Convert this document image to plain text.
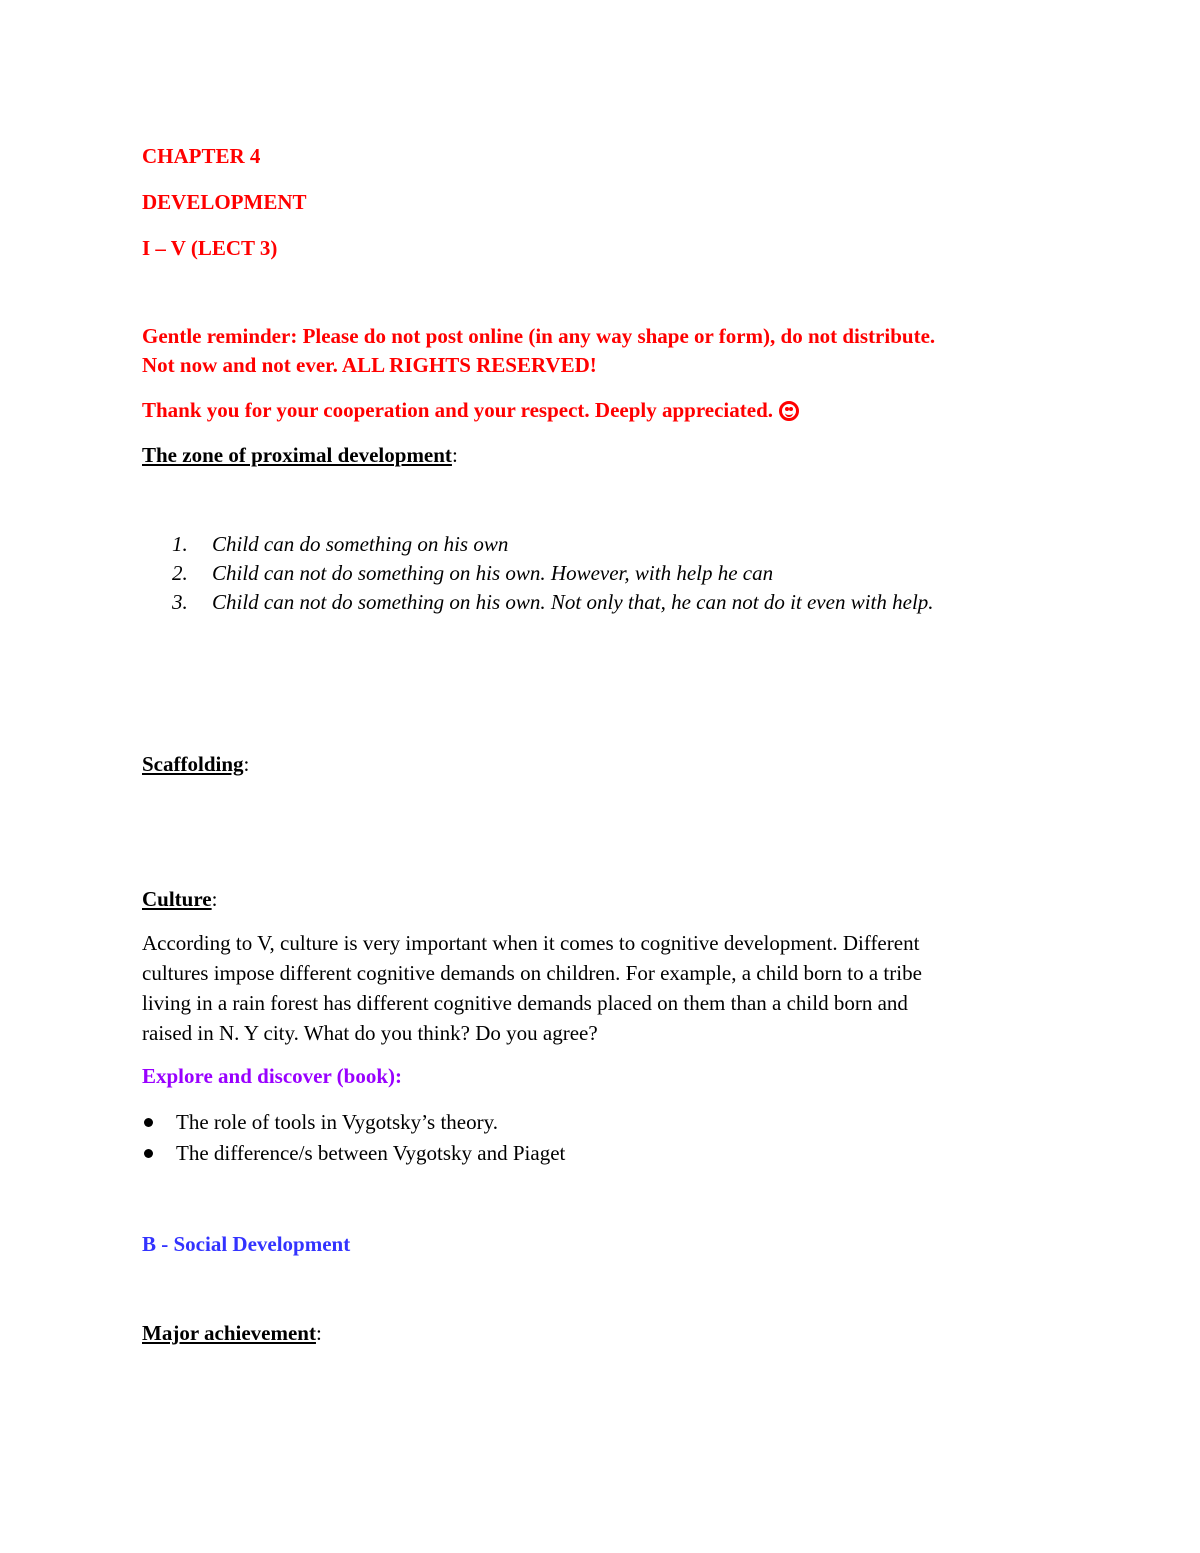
CHAPTER 4
DEVELOPMENT
I – V (LECT 3)
Gentle reminder: Please do not post online (in any way shape or form), do not distribute.
Not now and not ever. ALL RIGHTS RESERVED!
Thank you for your cooperation and your respect. Deeply appreciated.
The zone of proximal development:
1. Child can do something on his own
2. Child can not do something on his own. However, with help he can
3. Child can not do something on his own. Not only that, he can not do it even with help.
Scaffolding:
Culture:
According to V, culture is very important when it comes to cognitive development. Different
cultures impose different cognitive demands on children. For example, a child born to a tribe
living in a rain forest has different cognitive demands placed on them than a child born and
raised in N. Y city. What do you think? Do you agree?
Explore and discover (book):
The role of tools in Vygotsky’s theory.
The difference/s between Vygotsky and Piaget
B - Social Development
Major achievement:
